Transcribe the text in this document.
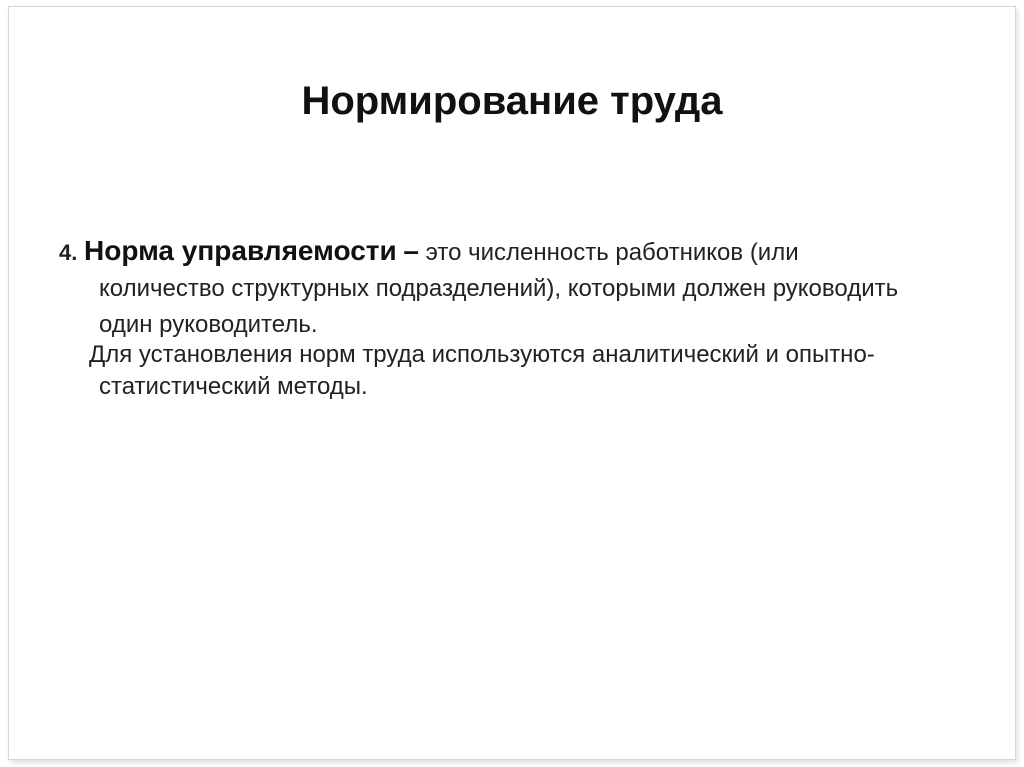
Нормирование труда
4. Норма управляемости – это численность работников (или
количество структурных подразделений), которыми должен руководить
один руководитель.
Для установления норм труда используются аналитический и опытно-
статистический методы.
